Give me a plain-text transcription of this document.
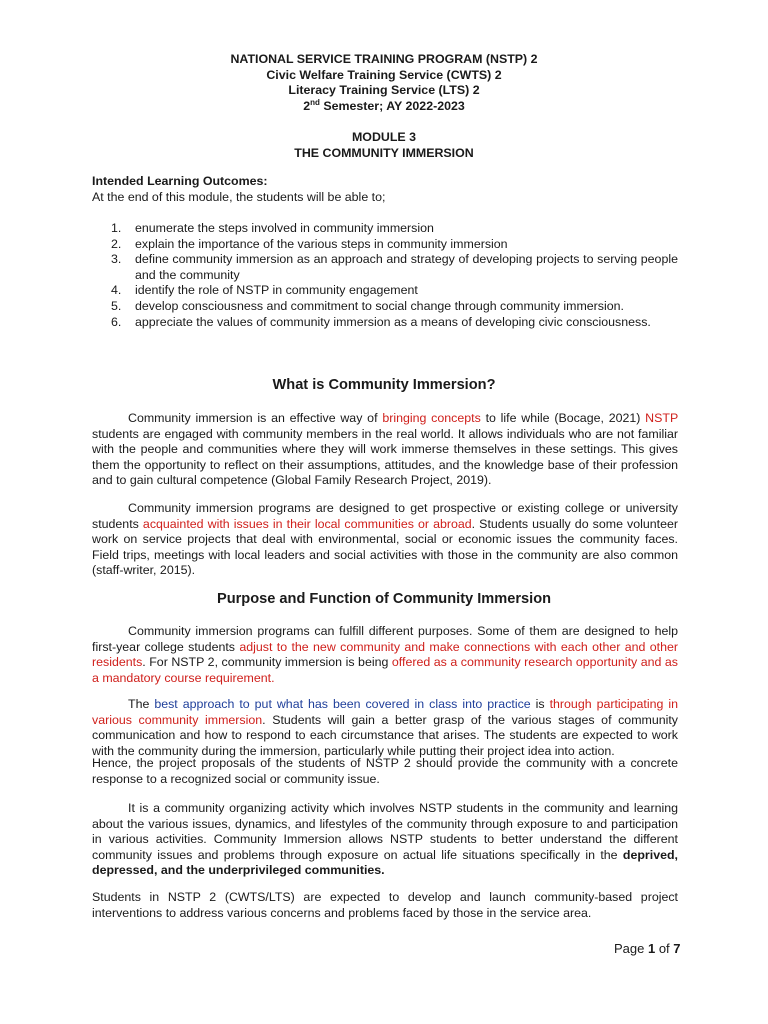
NATIONAL SERVICE TRAINING PROGRAM (NSTP) 2
Civic Welfare Training Service (CWTS) 2
Literacy Training Service (LTS) 2
2nd Semester; AY 2022-2023
MODULE 3
THE COMMUNITY IMMERSION
Intended Learning Outcomes:
At the end of this module, the students will be able to;
1. enumerate the steps involved in community immersion
2. explain the importance of the various steps in community immersion
3. define community immersion as an approach and strategy of developing projects to serving people and the community
4. identify the role of NSTP in community engagement
5. develop consciousness and commitment to social change through community immersion.
6. appreciate the values of community immersion as a means of developing civic consciousness.
What is Community Immersion?

Community immersion is an effective way of bringing concepts to life while (Bocage, 2021) NSTP students are engaged with community members in the real world. It allows individuals who are not familiar with the people and communities where they will work immerse themselves in these settings. This gives them the opportunity to reflect on their assumptions, attitudes, and the knowledge base of their profession and to gain cultural competence (Global Family Research Project, 2019).

Community immersion programs are designed to get prospective or existing college or university students acquainted with issues in their local communities or abroad. Students usually do some volunteer work on service projects that deal with environmental, social or economic issues the community faces. Field trips, meetings with local leaders and social activities with those in the community are also common (staff-writer, 2015).

Purpose and Function of Community Immersion

Community immersion programs can fulfill different purposes. Some of them are designed to help first-year college students adjust to the new community and make connections with each other and other residents. For NSTP 2, community immersion is being offered as a community research opportunity and as a mandatory course requirement.

The best approach to put what has been covered in class into practice is through participating in various community immersion. Students will gain a better grasp of the various stages of community communication and how to respond to each circumstance that arises. The students are expected to work with the community during the immersion, particularly while putting their project idea into action.

Hence, the project proposals of the students of NSTP 2 should provide the community with a concrete response to a recognized social or community issue.

It is a community organizing activity which involves NSTP students in the community and learning about the various issues, dynamics, and lifestyles of the community through exposure to and participation in various activities. Community Immersion allows NSTP students to better understand the different community issues and problems through exposure on actual life situations specifically in the deprived, depressed, and the underprivileged communities.

Students in NSTP 2 (CWTS/LTS) are expected to develop and launch community-based project interventions to address various concerns and problems faced by those in the service area.

Page 1 of 7
